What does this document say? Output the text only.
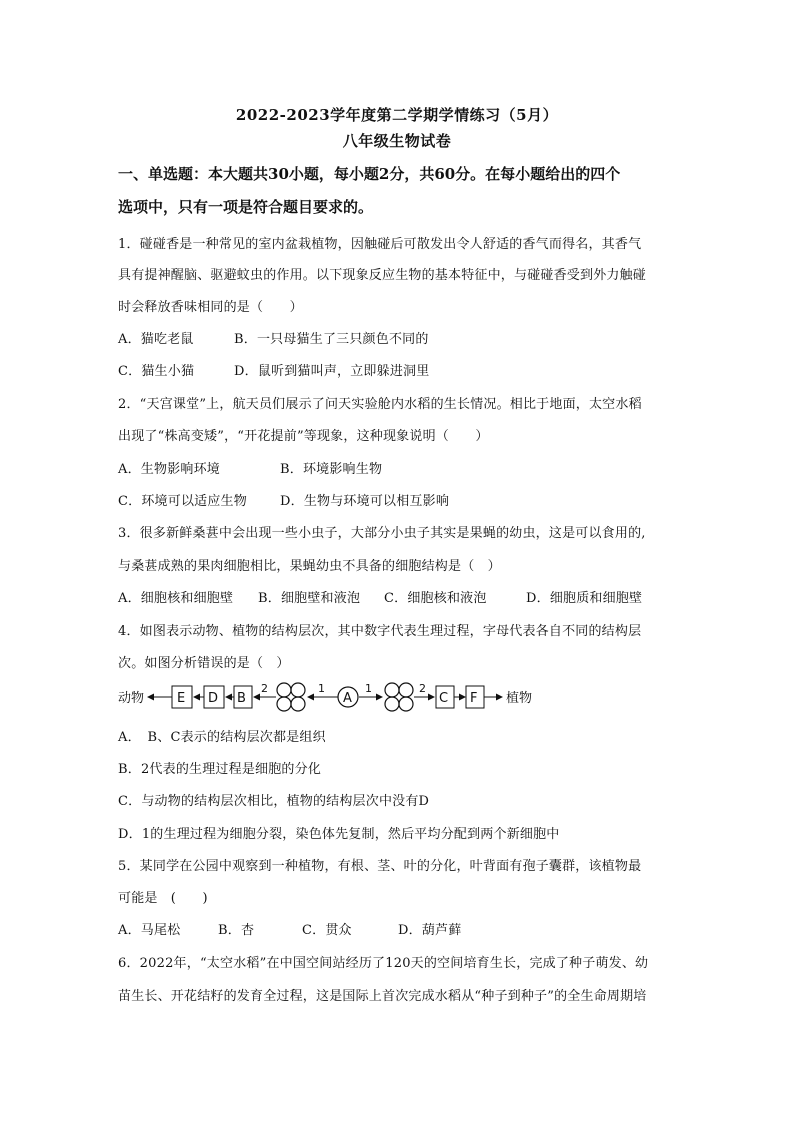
2022-2023学年度第二学期学情练习（5月）
八年级生物试卷
一、单选题：本大题共30小题，每小题2分，共60分。在每小题给出的四个
选项中，只有一项是符合题目要求的。
1．碰碰香是一种常见的室内盆栽植物，因触碰后可散发出令人舒适的香气而得名，其香气
具有提神醒脑、驱避蚊虫的作用。以下现象反应生物的基本特征中，与碰碰香受到外力触碰
时会释放香味相同的是（　　）
A．猫吃老鼠	B．一只母猫生了三只颜色不同的
C．猫生小猫	D．鼠听到猫叫声，立即躲进洞里
2．“天宫课堂”上，航天员们展示了问天实验舱内水稻的生长情况。相比于地面，太空水稻
出现了“株高变矮”，“开花提前”等现象，这种现象说明（　　）
A．生物影响环境	B．环境影响生物
C．环境可以适应生物	D．生物与环境可以相互影响
3．很多新鲜桑葚中会出现一些小虫子，大部分小虫子其实是果蝇的幼虫，这是可以食用的,
与桑葚成熟的果肉细胞相比，果蝇幼虫不具备的细胞结构是（　）
A．细胞核和细胞壁 B．细胞壁和液泡 C．细胞核和液泡	D．细胞质和细胞壁
4．如图表示动物、植物的结构层次，其中数字代表生理过程，字母代表各自不同的结构层
次。如图分析错误的是（　）
动物	E D B
2	1
A
1	2
C F 植物
A．　B、C表示的结构层次都是组织
B．2代表的生理过程是细胞的分化
C．与动物的结构层次相比，植物的结构层次中没有D
D．1的生理过程为细胞分裂，染色体先复制，然后平均分配到两个新细胞中
5．某同学在公园中观察到一种植物，有根、茎、叶的分化，叶背面有孢子囊群，该植物最
可能是　(　　)
A．马尾松	B．杏	C．贯众	D．葫芦藓
6．2022年，“太空水稻”在中国空间站经历了120天的空间培育生长，完成了种子萌发、幼
苗生长、开花结籽的发育全过程，这是国际上首次完成水稻从“种子到种子”的全生命周期培
